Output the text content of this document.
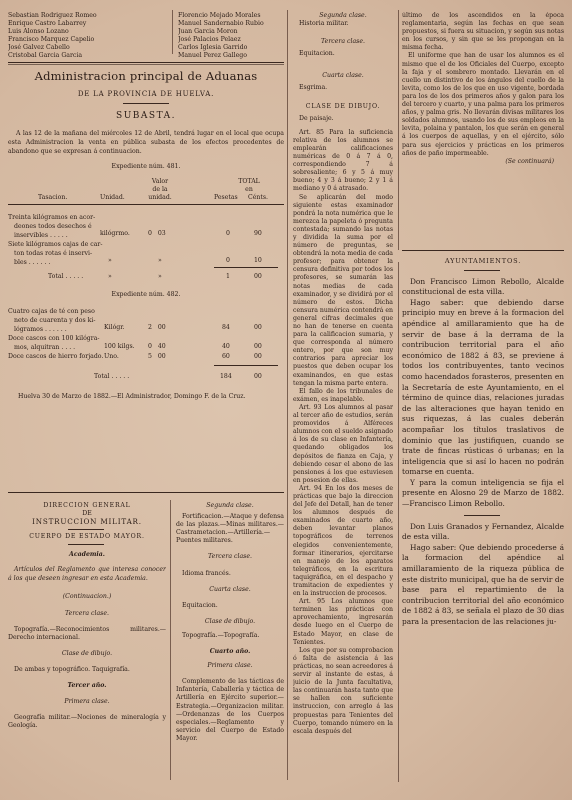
Sebastian Rodriguez Romeo
Enrique Castro Labarrey
Luis Alonso Lozano
Francisco Marquez Capelio
José Galvez Cabello
Cristobal Garcia Garcia
Florencio Mejado Morales
Manuel Sandernabio Rubio
Juan Garcia Moron
José Palacios Pelaez
Carlos Iglesia Garrido
Manuel Perez Gallego
Administracion principal de Aduanas
DE LA PROVINCIA DE HUELVA.
SUBASTA.

A las 12 de la mañana del miércoles 12 de Abril, tendrá lugar en el local que ocupa esta Administracion la venta en pública subasta de los efectos procedentes de abandono que se expresan á continuacion.

Expediente núm. 481.
Valor
de la
unidad.
TOTAL
en
Tasacion.	Unidad.	Pesetas Cénts.
Treinta kilógramos en acor-
deones todos desechos é
inservibles . . . . .	kilógrmo.	0   03	0	90
Siete kilógramos cajas de car-
ton todas rotas é inservi-
bles . . . . . .	»	»	0	10
Total . . . . .	»	»	1	00
Expediente núm. 482.
Cuatro cajas de té con peso
neto de cuarenta y dos ki-
lógramos . . . . . .	Kilógr.	2   00	84	00
Doce cascos con 100 kilógra-
mos, alquitran . . . .	100 kilgs. 0   40	40	00
Doce cascos de hierro forjado. Uno.	5   00	60	00
Total . . . . .	184	00

Huelva 30 de Marzo de 1882.—El Administrador, Domingo F. de la Cruz.

DIRECCION GENERAL
DE
INSTRUCCION MILITAR.
CUERPO DE ESTADO MAYOR.
Academia.

Artículos del Reglamento que interesa conocer á los que deseen ingresar en esta Academia.

(Continuacion.)
Tercera clase.

Topografía.—Reconocimientos militares.—Derecho internacional.

Clase de dibujo.

De ambas y topográfico. Taquigrafía.

Tercer año.
Primera clase.

Geografía militar.—Nociones de mineralogía y Geología.

Segunda clase.

Fortificacion.—Ataque y defensa de las plazas.—Minas militares.—Castrametacion.—Artillería.—Puentes militares.

Tercera clase.

Idioma francés.

Cuarta clase.

Equitacion.

Clase de dibujo.

Topografía.—Topografía.

Cuarto año.
Primera clase.

Complemento de las tácticas de Infantería, Caballería y táctica de Artillería en Ejército superior.—Estrategia.—Organizacion militar.—Ordenanzas de los Cuerpos especiales.—Reglamento y servicio del Cuerpo de Estado Mayor.

Segunda clase.

Historia militar.

Tercera clase.

Equitacion.

Cuarta clase.

Esgrima.

CLASE DE DIBUJO.

De paisaje.

Art. 85 Para la suficiencia relativa de los alumnos se emplearán calificaciones numéricas de 0 á 7 á 0, correspondiendo 7 á sobresaliente; 6 y 5 á muy bueno; 4 y 3 á bueno; 2 y 1 á mediano y 0 á atrasado.

Se aplicarán del modo siguiente estas examinador pondrá la nota numérica que le merezca la papeleta ó pregunta contestada; sumando las notas y dividida la suma por el número de preguntas, se obtendrá la nota media de cada profesor; para obtener la censura definitiva por todos los profesores, se sumarán las notas medias de cada examinador, y se dividirá por el número de estos. Dicha censura numérica contendrá en general cifras decimales que no han de tenerse en cuenta para la calificacion sumaria, y que corresponda al número entero, por que son muy contrarios para apreciar los puestos que deben ocupar los examinandos, en que estas tengan la misma parte entera.

El fallo de los tribunales de exámen, es inapelable.

Art. 93 Los alumnos al pasar al tercer año de estudios, serán promovidos á Alféreces alumnos con el sueldo asignado á los de su clase en Infantería, quedando obligados los depósitos de fianza en Caja, y debiendo cesar el abono de las pensiones á los que estuviesen en posesion de ellas.

Art. 94 En los dos meses de prácticas que bajo la direccion del Jefe del Detall, han de tener los alumnos después de examinados de cuarto año, deben levantar planos topográficos de terrenos elegidos convenientemente, formar itinerarios, ejercitarse en manejo de los aparatos telegráficos, en la escritura taquigráfica, en el despacho y tramitacion de expedientes y en la instruccion de procesos.

Art. 95 Los alumnos que terminen las prácticas con aprovechamiento, ingresarán desde luego en el Cuerpo de Estado Mayor, en clase de Tenientes.

Los que por su comprobacion ó falta de asistencia á las prácticas, no sean acreedores á servir al instante de estas, á juicio de la Junta facultativa, las continuarán hasta tanto que se hallen con suficiente instruccion, con arreglo á las propuestas para Tenientes del Cuerpo, tomando número en la escala después del

último de los ascendidos en la época reglamentaria, según las fechas en que sean propuestos, si fuera su situacion, y según sus notas en los cursos, y sin que se les propongan en la misma fecha.

El uniforme que han de usar los alumnos es el mismo que el de los Oficiales del Cuerpo, excepto la faja y el sombrero montado. Llevarán en el cuello un distintivo de los ángulos del cuello de la levita, como los de los que en uso vigente, bordada para los de los dos primeros años y galon para los del tercero y cuarto, y una palma para los primeros años, y palma gris. No llevarán divisas militares los soldados alumnos, usando los de sus empleos en la levita, polaina y pantalon, los que serán en general á los cuerpos de aquellas, y en el ejército, sólo para sus ejercicios y prácticas en los primeros años de paño impermeable.

(Se continuará)
AYUNTAMIENTOS.

Don Francisco Limon Rebollo, Alcalde constitucional de esta villa.

Hago saber: que debiendo darse principio muy en breve á la formacion del apéndice al amillaramiento que ha de servir de base á la derrama de la contribucion territorial para el año económico de 1882 á 83, se previene á todos los contribuyentes, tanto vecinos como hacendados forasteros, presenten en la Secretaría de este Ayuntamiento, en el término de quince dias, relaciones juradas de las alteraciones que hayan tenido en sus riquezas, á las cuales deberán acompañar los títulos traslativos de dominio que las justifiquen, cuando se trate de fincas rústicas ó urbanas; en la inteligencia que si así lo hacen no podrán tomarse en cuenta.

Y para la comun inteligencia se fija el presente en Alosno 29 de Marzo de 1882.—Francisco Limon Rebollo.

Don Luis Granados y Fernandez, Alcalde de esta villa.

Hago saber: Que debiendo procederse á la formacion del apéndice al amillaramiento de la riqueza pública de este distrito municipal, que ha de servir de base para el repartimiento de la contribucion territorial del año económico de 1882 á 83, se señala el plazo de 30 dias para la presentacion de las relaciones ju-
